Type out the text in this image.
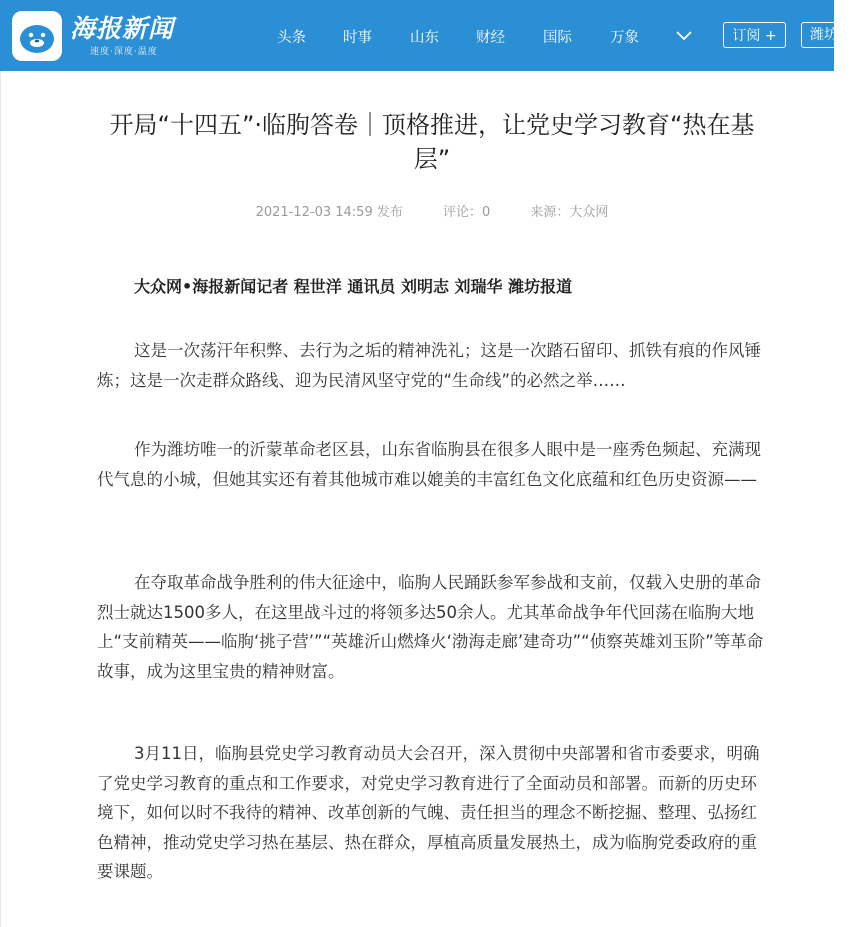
海报新闻
速度·深度·温度
头条	时事	山东	财经	国际	万象	订阅 +	潍坊
开局“十四五”·临朐答卷｜顶格推进，让党史学习教育“热在基层”
2021-12-03 14:59 发布	评论：0	来源：大众网
大众网•海报新闻记者 程世洋 通讯员 刘明志 刘瑞华 潍坊报道

这是一次荡汗年积弊、去行为之垢的精神洗礼；这是一次踏石留印、抓铁有痕的作风锤炼；这是一次走群众路线、迎为民清风坚守党的“生命线”的必然之举……

作为潍坊唯一的沂蒙革命老区县，山东省临朐县在很多人眼中是一座秀色频起、充满现代气息的小城，但她其实还有着其他城市难以媲美的丰富红色文化底蕴和红色历史资源——

在夺取革命战争胜利的伟大征途中，临朐人民踊跃参军参战和支前，仅载入史册的革命烈士就达1500多人，在这里战斗过的将领多达50余人。尤其革命战争年代回荡在临朐大地上“支前精英——临朐‘挑子营’”“英雄沂山燃烽火‘渤海走廊’建奇功”“侦察英雄刘玉阶”等革命故事，成为这里宝贵的精神财富。

3月11日，临朐县党史学习教育动员大会召开，深入贯彻中央部署和省市委要求，明确了党史学习教育的重点和工作要求，对党史学习教育进行了全面动员和部署。而新的历史环境下，如何以时不我待的精神、改革创新的气魄、责任担当的理念不断挖掘、整理、弘扬红色精神，推动党史学习热在基层、热在群众，厚植高质量发展热土，成为临朐党委政府的重要课题。
